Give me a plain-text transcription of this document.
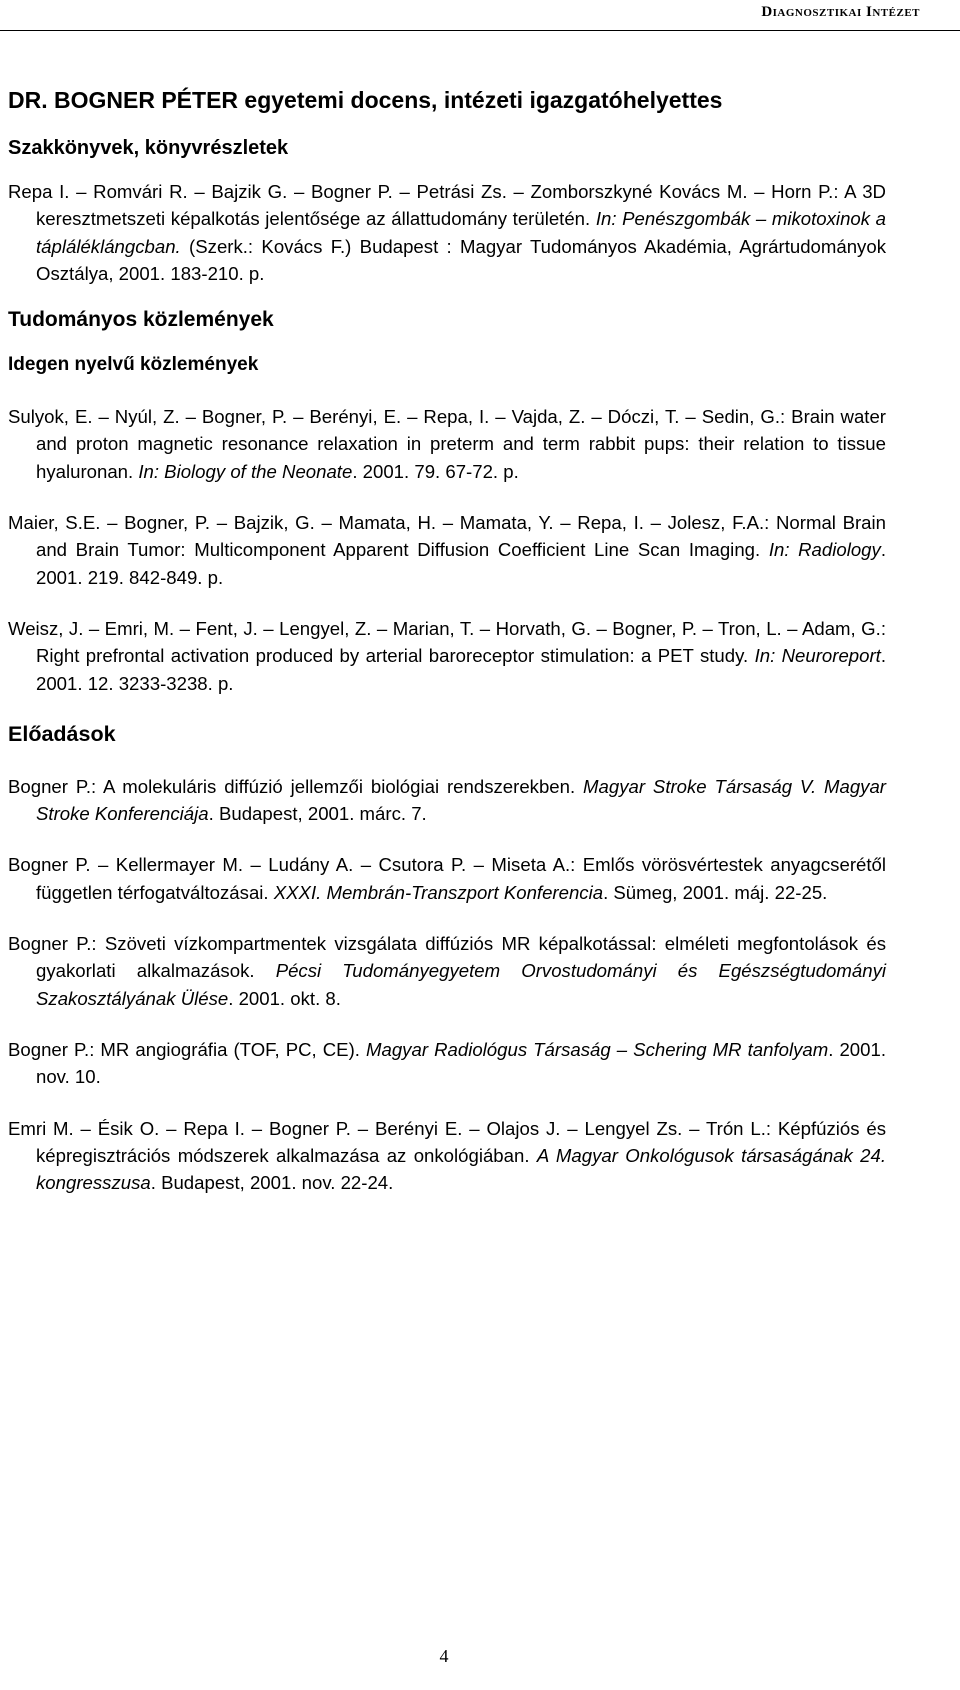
Diagnosztikai Intézet

DR. BOGNER PÉTER egyetemi docens, intézeti igazgatóhelyettes

Szakkönyvek, könyvrészletek

Repa I. – Romvári R. – Bajzik G. – Bogner P. – Petrási Zs. – Zomborszkyné Kovács M. – Horn P.: A 3D keresztmetszeti képalkotás jelentősége az állattudomány területén. In: Penészgombák – mikotoxinok a tápláléklángcban. (Szerk.: Kovács F.) Budapest : Magyar Tudományos Akadémia, Agrártudományok Osztálya, 2001. 183-210. p.

Tudományos közlemények

Idegen nyelvű közlemények

Sulyok, E. – Nyúl, Z. – Bogner, P. – Berényi, E. – Repa, I. – Vajda, Z. – Dóczi, T. – Sedin, G.: Brain water and proton magnetic resonance relaxation in preterm and term rabbit pups: their relation to tissue hyaluronan. In: Biology of the Neonate. 2001. 79. 67-72. p.

Maier, S.E. – Bogner, P. – Bajzik, G. – Mamata, H. – Mamata, Y. – Repa, I. – Jolesz, F.A.: Normal Brain and Brain Tumor: Multicomponent Apparent Diffusion Coefficient Line Scan Imaging. In: Radiology. 2001. 219. 842-849. p.

Weisz, J. – Emri, M. – Fent, J. – Lengyel, Z. – Marian, T. – Horvath, G. – Bogner, P. – Tron, L. – Adam, G.: Right prefrontal activation produced by arterial baroreceptor stimulation: a PET study. In: Neuroreport. 2001. 12. 3233-3238. p.

Előadások

Bogner P.: A molekuláris diffúzió jellemzői biológiai rendszerekben. Magyar Stroke Társaság V. Magyar Stroke Konferenciája. Budapest, 2001. márc. 7.

Bogner P. – Kellermayer M. – Ludány A. – Csutora P. – Miseta A.: Emlős vörösvértestek anyagcserétől független térfogatváltozásai. XXXI. Membrán-Transzport Konferencia. Sümeg, 2001. máj. 22-25.

Bogner P.: Szöveti vízkompartmentek vizsgálata diffúziós MR képalkotással: elméleti megfontolások és gyakorlati alkalmazások. Pécsi Tudományegyetem Orvostudományi és Egészségtudományi Szakosztályának Ülése. 2001. okt. 8.

Bogner P.: MR angiográfia (TOF, PC, CE). Magyar Radiológus Társaság – Schering MR tanfolyam. 2001. nov. 10.

Emri M. – Ésik O. – Repa I. – Bogner P. – Berényi E. – Olajos J. – Lengyel Zs. – Trón L.: Képfúziós és képregisztrációs módszerek alkalmazása az onkológiában. A Magyar Onkológusok társaságának 24. kongresszusa. Budapest, 2001. nov. 22-24.

4
